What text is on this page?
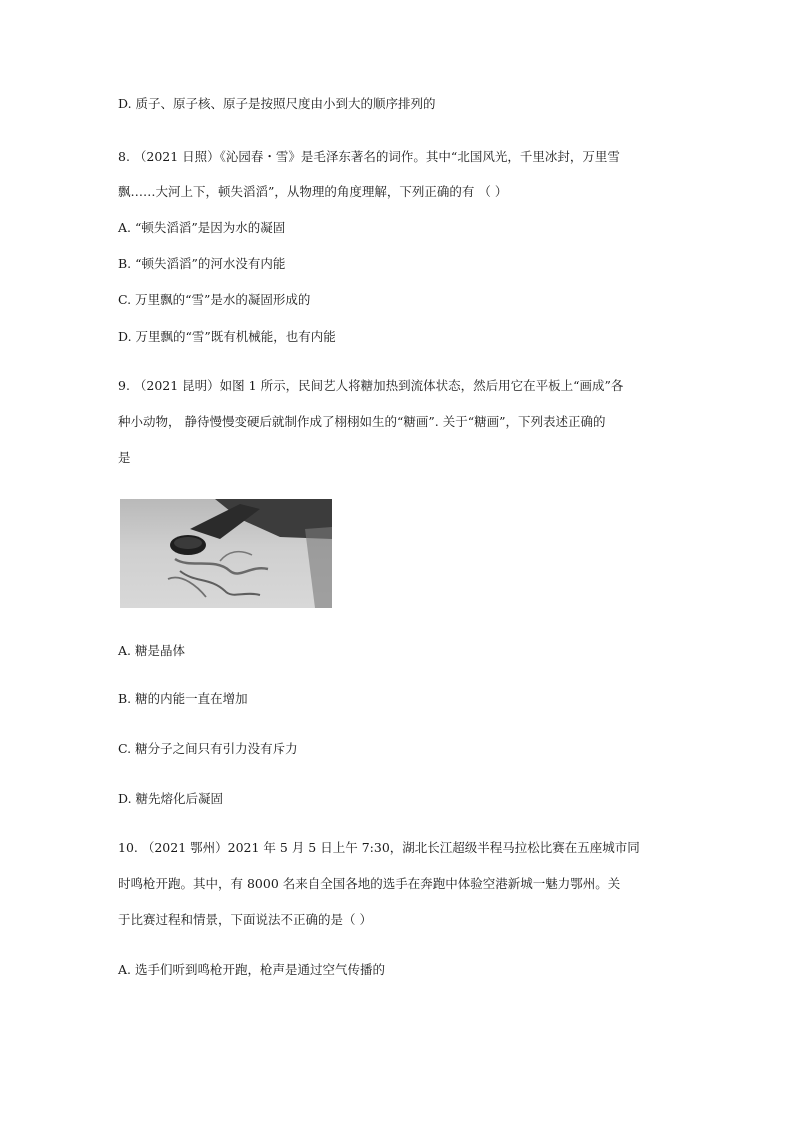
D. 质子、原子核、原子是按照尺度由小到大的顺序排列的
8. （2021 日照）《沁园春・雪》是毛泽东著名的词作。其中“北国风光，千里冰封，万里雪
飘……大河上下，顿失滔滔”，从物理的角度理解，下列正确的有 （ ）
A. “顿失滔滔”是因为水的凝固
B. “顿失滔滔”的河水没有内能
C. 万里飘的“雪”是水的凝固形成的
D. 万里飘的“雪”既有机械能，也有内能
9. （2021 昆明）如图 1 所示，民间艺人将糖加热到流体状态，然后用它在平板上“画成”各
种小动物， 静待慢慢变硬后就制作成了栩栩如生的“糖画”. 关于“糖画”，下列表述正确的
是
A. 糖是晶体
B. 糖的内能一直在增加
C. 糖分子之间只有引力没有斥力
D. 糖先熔化后凝固
10. （2021 鄂州）2021 年 5 月 5 日上午 7:30，湖北长江超级半程马拉松比赛在五座城市同
时鸣枪开跑。其中，有 8000 名来自全国各地的选手在奔跑中体验空港新城一魅力鄂州。关
于比赛过程和情景，下面说法不正确的是（ ）
A. 选手们听到鸣枪开跑，枪声是通过空气传播的
